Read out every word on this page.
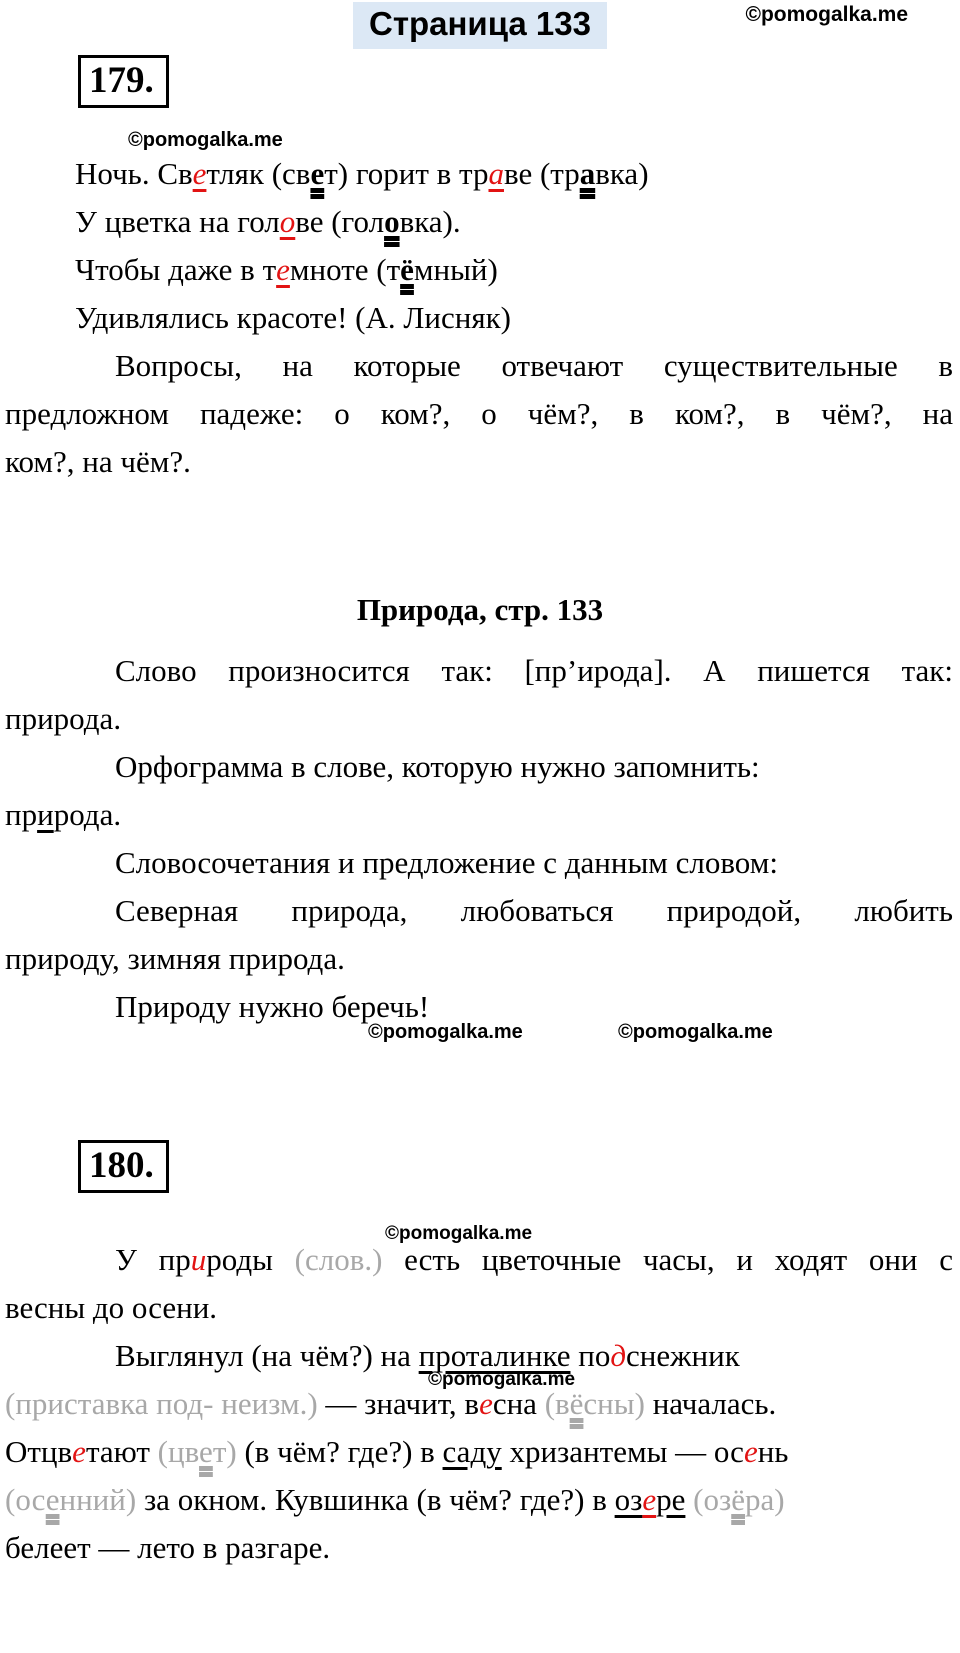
©pomogalka.me
Страница 133
179.
©pomogalka.me
Ночь. Светляк (свет) горит в траве (травка)
У цветка на голове (головка).
Чтобы даже в темноте (тёмный)
Удивлялись красоте! (А. Лисняк)
Вопросы, на которые отвечают существительные в
предложном падеже: о ком?, о чём?, в ком?, в чём?, на
ком?, на чём?.
Природа, стр. 133
Слово произносится так: [пр’ирода]. А пишется так:
природа.
Орфограмма в слове, которую нужно запомнить:
природа.
Словосочетания и предложение с данным словом:
Северная природа, любоваться природой, любить
природу, зимняя природа.
Природу нужно беречь!
©pomogalka.me	©pomogalka.me
180.
©pomogalka.me
©pomogalka.me
У природы (слов.) есть цветочные часы, и ходят они с
весны до осени.
Выглянул (на чём?) на проталинке подснежник
(приставка под- неизм.) — значит, весна (вёсны) началась.
Отцветают (цвет) (в чём? где?) в саду хризантемы — осень
(осенний) за окном. Кувшинка (в чём? где?) в озере (озёра)
белеет — лето в разгаре.
